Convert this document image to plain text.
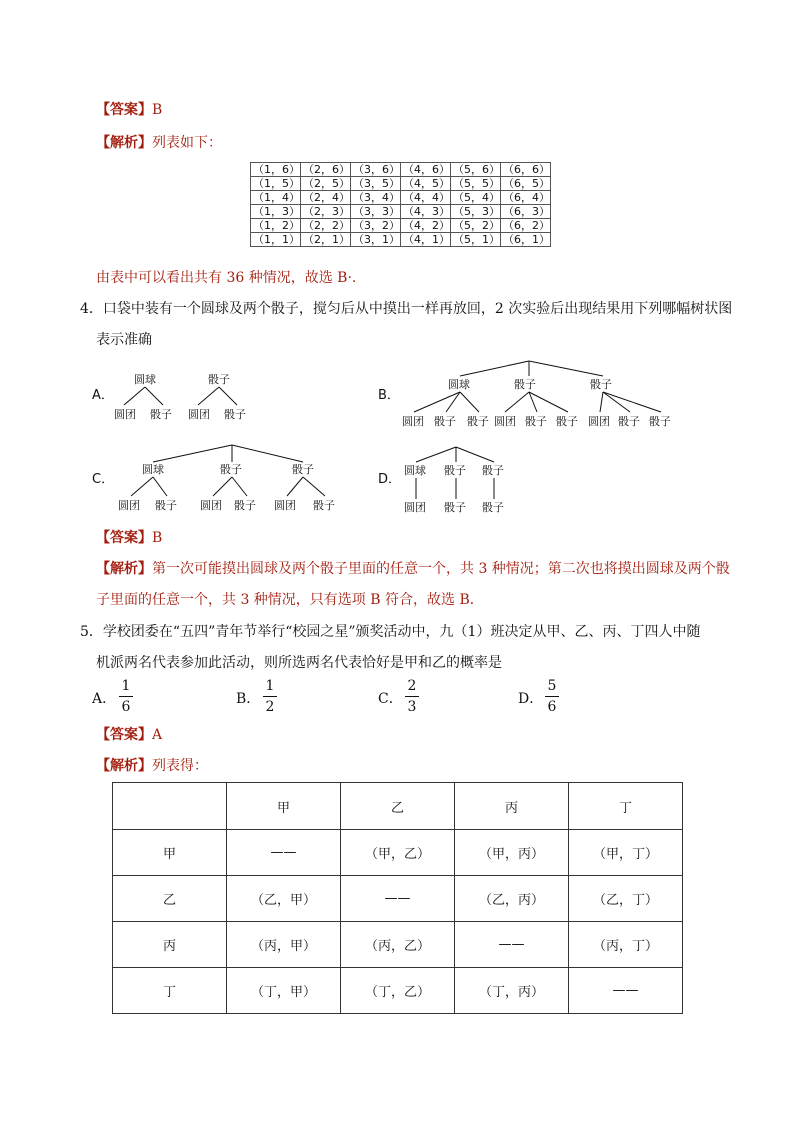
【答案】B
【解析】列表如下：
（1，6）	（2，6）	（3，6）	（4，6）	（5，6）	（6，6）
（1，5）	（2，5）	（3，5）	（4，5）	（5，5）	（6，5）
（1，4）	（2，4）	（3，4）	（4，4）	（5，4）	（6，4）
（1，3）	（2，3）	（3，3）	（4，3）	（5，3）	（6，3）
（1，2）	（2，2）	（3，2）	（4，2）	（5，2）	（6，2）
（1，1）	（2，1）	（3，1）	（4，1）	（5，1）	（6，1）
由表中可以看出共有 36 种情况，故选 B·.
4．口袋中装有一个圆球及两个骰子，搅匀后从中摸出一样再放回，2 次实验后出现结果用下列哪幅树状图
表示准确
A．
圆球
圆团 骰子
骰子
圆团 骰子
B．
圆球	骰子	骰子
圆团 骰子 骰子 圆团 骰子 骰子 圆团 骰子 骰子
C．
圆球	骰子	骰子
圆团 骰子 圆团 骰子 圆团 骰子
D．
圆球 骰子 骰子
圆团 骰子 骰子
【答案】B
【解析】第一次可能摸出圆球及两个骰子里面的任意一个，共 3 种情况；第二次也将摸出圆球及两个骰
子里面的任意一个，共 3 种情况，只有选项 B 符合，故选 B．
5．学校团委在“五四”青年节举行“校园之星”颁奖活动中，九（1）班决定从甲、乙、丙、丁四人中随
机派两名代表参加此活动，则所选两名代表恰好是甲和乙的概率是
A．
1
6	B．
1
2	C．
2
3	D．
5
6
【答案】A
【解析】列表得：
	甲	乙	丙	丁
甲	——	（甲，乙）	（甲，丙）	（甲，丁）
乙	（乙，甲）	——	（乙，丙）	（乙，丁）
丙	（丙，甲）	（丙，乙）	——	（丙，丁）
丁	（丁，甲）	（丁，乙）	（丁，丙）	——
